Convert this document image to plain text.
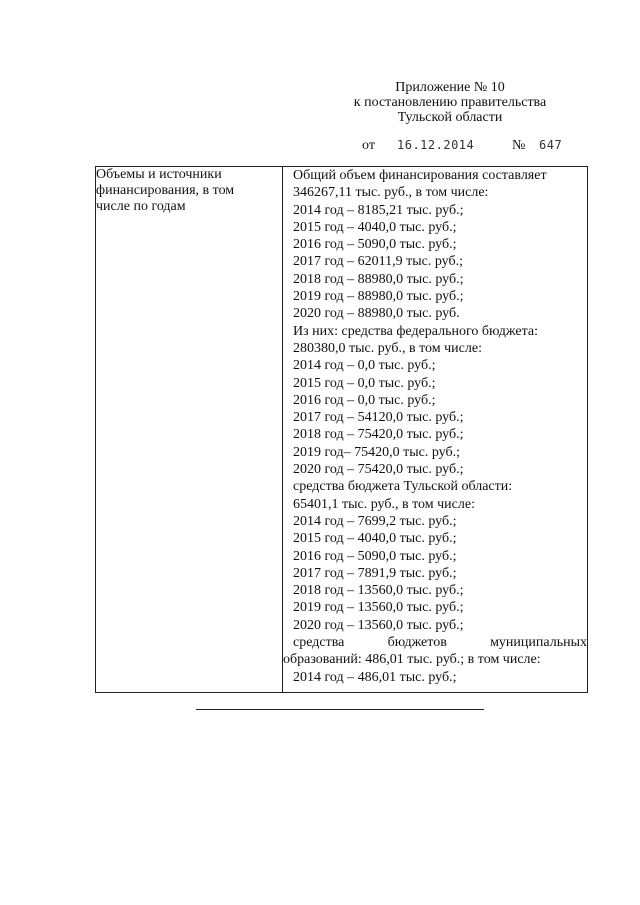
Приложение № 10
к постановлению правительства
Тульской области
от 16.12.2014	№ 647
Объемы и источники
финансирования, в том
числе по годам

Общий объем финансирования составляет
346267,11 тыс. руб., в том числе:
2014 год – 8185,21 тыс. руб.;
2015 год – 4040,0 тыс. руб.;
2016 год – 5090,0 тыс. руб.;
2017 год – 62011,9 тыс. руб.;
2018 год – 88980,0 тыс. руб.;
2019 год – 88980,0 тыс. руб.;
2020 год – 88980,0 тыс. руб.
Из них: средства федерального бюджета:
280380,0 тыс. руб., в том числе:
2014 год – 0,0 тыс. руб.;
2015 год – 0,0 тыс. руб.;
2016 год – 0,0 тыс. руб.;
2017 год – 54120,0 тыс. руб.;
2018 год – 75420,0 тыс. руб.;
2019 год– 75420,0 тыс. руб.;
2020 год – 75420,0 тыс. руб.;
средства бюджета Тульской области:
65401,1 тыс. руб., в том числе:
2014 год – 7699,2 тыс. руб.;
2015 год – 4040,0 тыс. руб.;
2016 год – 5090,0 тыс. руб.;
2017 год – 7891,9 тыс. руб.;
2018 год – 13560,0 тыс. руб.;
2019 год – 13560,0 тыс. руб.;
2020 год – 13560,0 тыс. руб.;
средства	бюджетов	муниципальных
образований: 486,01 тыс. руб.; в том числе:
2014 год – 486,01 тыс. руб.;
